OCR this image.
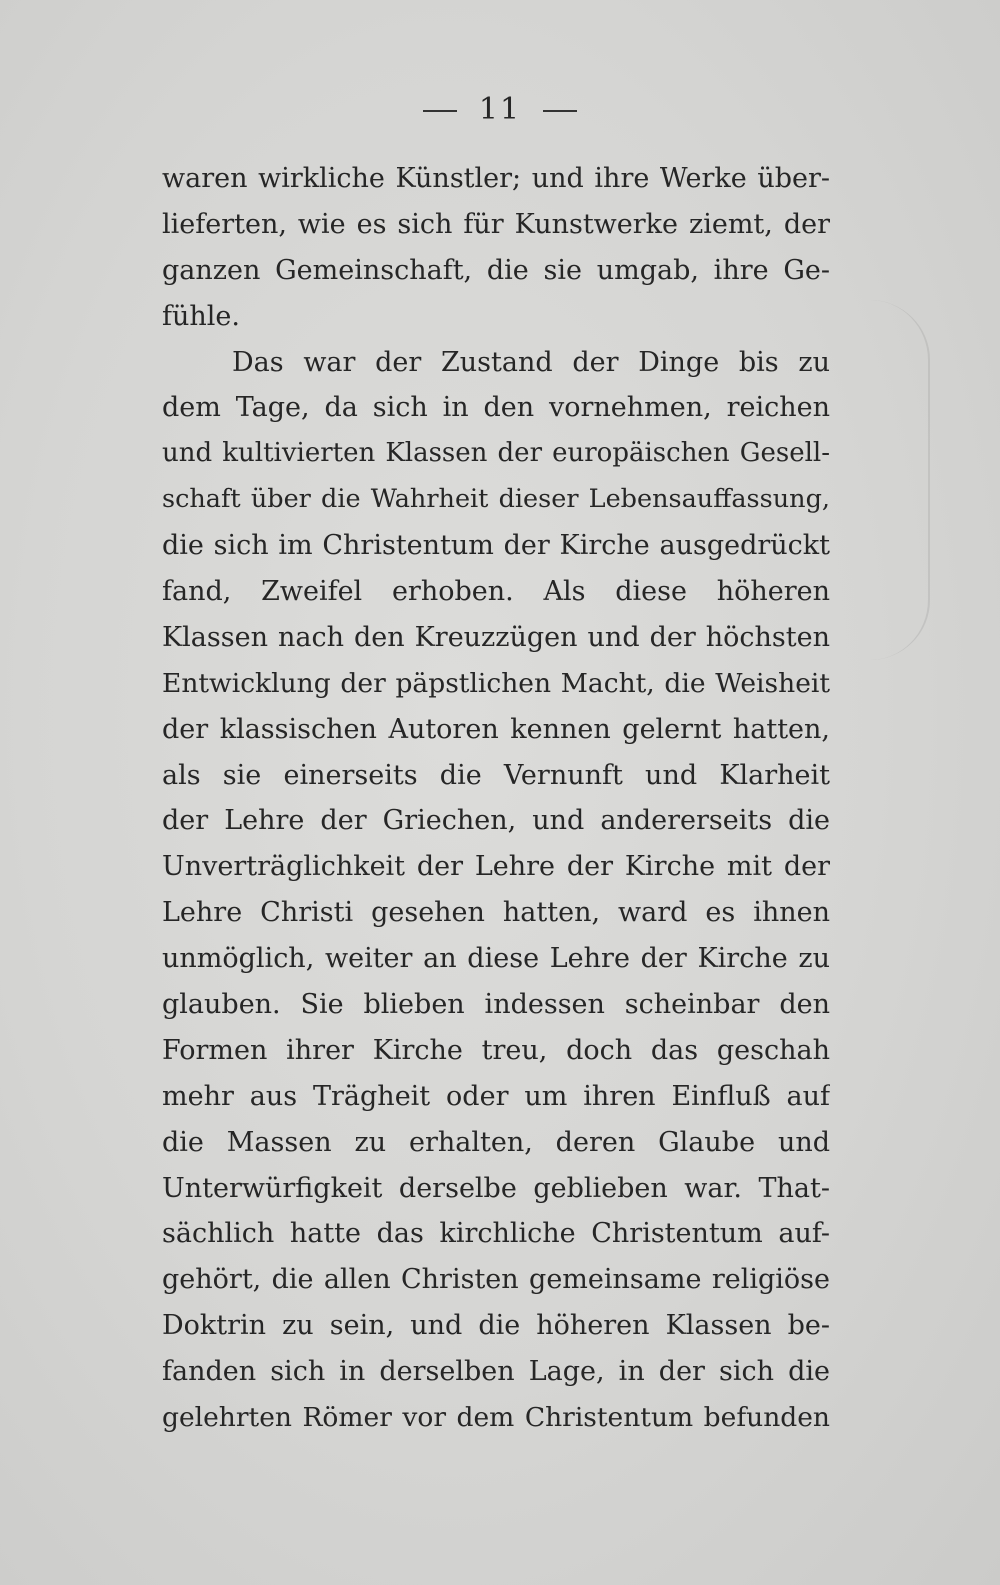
11
waren wirkliche Künstler; und ihre Werke über-
lieferten, wie es sich für Kunstwerke ziemt, der
ganzen Gemeinschaft, die sie umgab, ihre Ge-
fühle.
Das war der Zustand der Dinge bis zu
dem Tage, da sich in den vornehmen, reichen
und kultivierten Klassen der europäischen Gesell-
schaft über die Wahrheit dieser Lebensauffassung,
die sich im Christentum der Kirche ausgedrückt
fand, Zweifel erhoben. Als diese höheren
Klassen nach den Kreuzzügen und der höchsten
Entwicklung der päpstlichen Macht, die Weisheit
der klassischen Autoren kennen gelernt hatten,
als sie einerseits die Vernunft und Klarheit
der Lehre der Griechen, und andererseits die
Unverträglichkeit der Lehre der Kirche mit der
Lehre Christi gesehen hatten, ward es ihnen
unmöglich, weiter an diese Lehre der Kirche zu
glauben. Sie blieben indessen scheinbar den
Formen ihrer Kirche treu, doch das geschah
mehr aus Trägheit oder um ihren Einfluß auf
die Massen zu erhalten, deren Glaube und
Unterwürfigkeit derselbe geblieben war. That-
sächlich hatte das kirchliche Christentum auf-
gehört, die allen Christen gemeinsame religiöse
Doktrin zu sein, und die höheren Klassen be-
fanden sich in derselben Lage, in der sich die
gelehrten Römer vor dem Christentum befunden
